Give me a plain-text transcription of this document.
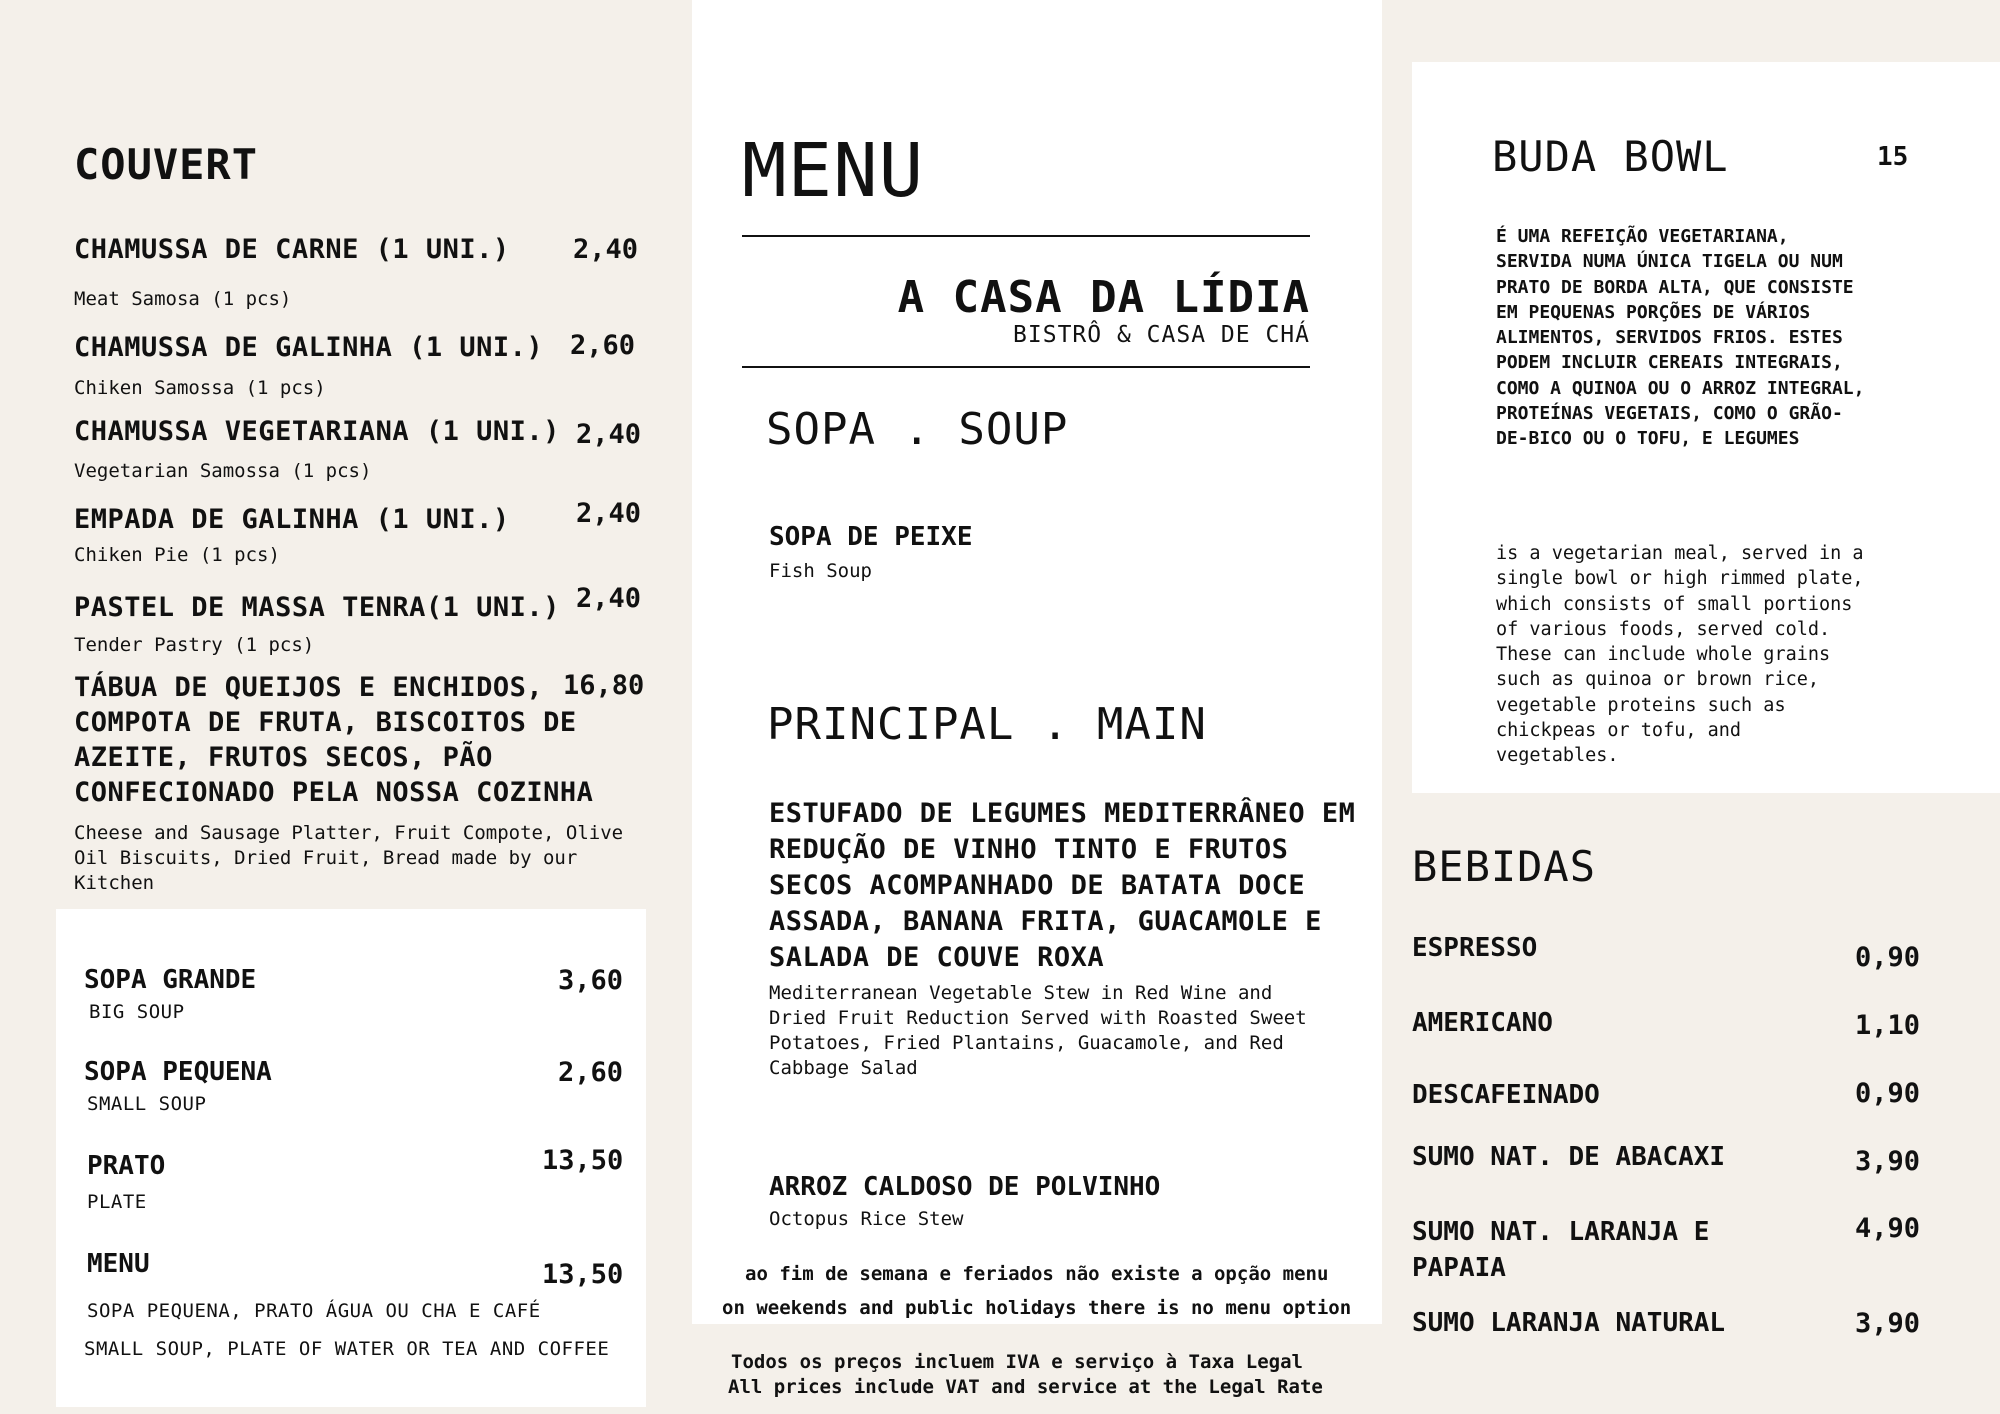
COUVERT
CHAMUSSA DE CARNE (1 UNI.) 2,40
Meat Samosa (1 pcs)
CHAMUSSA DE GALINHA (1 UNI.) 2,60
Chiken Samossa (1 pcs)
CHAMUSSA VEGETARIANA (1 UNI.) 2,40
Vegetarian Samossa (1 pcs)
EMPADA DE GALINHA (1 UNI.) 2,40
Chiken Pie (1 pcs)
PASTEL DE MASSA TENRA(1 UNI.) 2,40
Tender Pastry (1 pcs)
TÁBUA DE QUEIJOS E ENCHIDOS, COMPOTA DE FRUTA, BISCOITOS DE AZEITE, FRUTOS SECOS, PÃO CONFECIONADO PELA NOSSA COZINHA
16,80
Cheese and Sausage Platter, Fruit Compote, Olive Oil Biscuits, Dried Fruit, Bread made by our Kitchen
SOPA GRANDE	3,60
BIG SOUP
SOPA PEQUENA	2,60
SMALL SOUP
PRATO	13,50
PLATE
MENU	13,50
SOPA PEQUENA, PRATO ÁGUA OU CHA E CAFÉ
SMALL SOUP, PLATE OF WATER OR TEA AND COFFEE
MENU
A CASA DA LÍDIA
BISTRÔ & CASA DE CHÁ
SOPA . SOUP
SOPA DE PEIXE
Fish Soup
PRINCIPAL . MAIN
ESTUFADO DE LEGUMES MEDITERRÂNEO EM REDUÇÃO DE VINHO TINTO E FRUTOS SECOS ACOMPANHADO DE BATATA DOCE ASSADA, BANANA FRITA, GUACAMOLE E SALADA DE COUVE ROXA
Mediterranean Vegetable Stew in Red Wine and Dried Fruit Reduction Served with Roasted Sweet Potatoes, Fried Plantains, Guacamole, and Red Cabbage Salad
ARROZ CALDOSO DE POLVINHO
Octopus Rice Stew
ao fim de semana e feriados não existe a opção menu
on weekends and public holidays there is no menu option
Todos os preços incluem IVA e serviço à Taxa Legal
All prices include VAT and service at the Legal Rate
BUDA BOWL	15
É UMA REFEIÇÃO VEGETARIANA, SERVIDA NUMA ÚNICA TIGELA OU NUM PRATO DE BORDA ALTA, QUE CONSISTE EM PEQUENAS PORÇÕES DE VÁRIOS ALIMENTOS, SERVIDOS FRIOS. ESTES PODEM INCLUIR CEREAIS INTEGRAIS, COMO A QUINOA OU O ARROZ INTEGRAL, PROTEÍNAS VEGETAIS, COMO O GRÃO-DE-BICO OU O TOFU, E LEGUMES
is a vegetarian meal, served in a single bowl or high rimmed plate, which consists of small portions of various foods, served cold. These can include whole grains such as quinoa or brown rice, vegetable proteins such as chickpeas or tofu, and vegetables.
BEBIDAS
ESPRESSO	0,90
AMERICANO	1,10
DESCAFEINADO	0,90
SUMO NAT. DE ABACAXI	3,90
SUMO NAT. LARANJA E PAPAIA
4,90
SUMO LARANJA NATURAL	3,90
